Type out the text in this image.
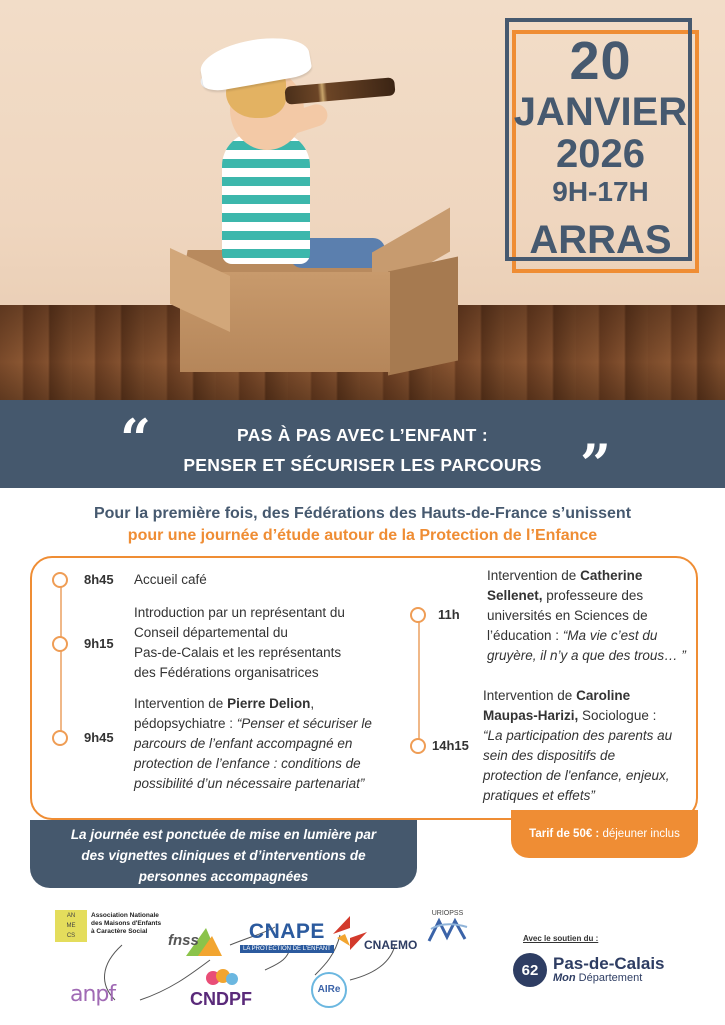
20
JANVIER
2026
9H-17H
ARRAS
“	”
PAS À PAS AVEC L’ENFANT :
PENSER ET SÉCURISER LES PARCOURS
Pour la première fois, des Fédérations des Hauts-de-France s’unissent
pour une journée d’étude autour de la Protection de l’Enfance
8h45 Accueil café
9h15
Introduction par un représentant du
Conseil départemental du
Pas-de-Calais et les représentants
des Fédérations organisatrices
9h45
Intervention de Pierre Delion,
pédopsychiatre : “Penser et sécuriser le
parcours de l’enfant accompagné en
protection de l’enfance : conditions de
possibilité d’un nécessaire partenariat”
11h
Intervention de Catherine
Sellenet, professeure des
universités en Sciences de
l’éducation : “Ma vie c’est du
gruyère, il n’y a que des trous… ”
14h15
Intervention de Caroline
Maupas-Harizi, Sociologue :
“La participation des parents au
sein des dispositifs de
protection de l'enfance, enjeux,
pratiques et effets”
La journée est ponctuée de mise en lumière par
des vignettes cliniques et d’interventions de
personnes accompagnées
Tarif de 50€ : déjeuner inclus
AN
ME
CS
Association Nationale
des Maisons d'Enfants
à Caractère Social
fnss	CNAPE
LA PROTECTION DE L'ENFANT	CNAEMO
URIOPSS
anpf	CNDPF	AIRe
Avec le soutien du :
62 Pas-de-Calais
Mon Département
